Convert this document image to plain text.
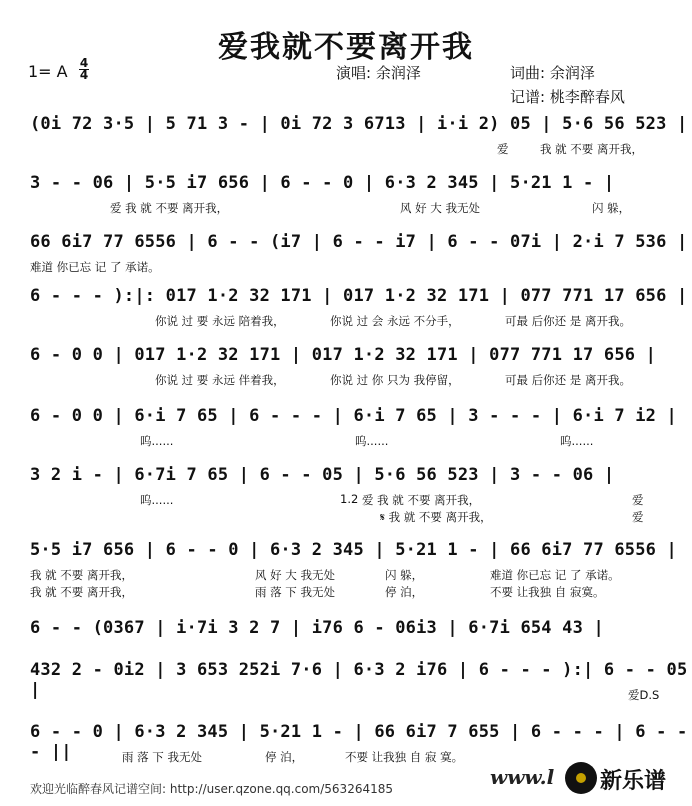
爱我就不要离开我
1= A 4
4	演唱: 余润泽	词曲: 余润泽
记谱: 桃李醉春风
(0i 72 3·5 | 5 71 3 - | 0i 72 3 6713 | i·i 2) 05 | 5·6 56 523 |
爱	我 就 不要 离开我，
3 - - 06 | 5·5 i7 656 | 6 - - 0 | 6·3 2 345 | 5·21 1 - |
爱 我 就 不要 离开我，	风 好 大 我无处	闪 躲，
66 6i7 77 6556 | 6 - - (i7 | 6 - - i7 | 6 - - 07i | 2·i 7 536 |
难道 你已忘 记 了 承诺。
6 - - - ):|: 017 1·2 32 171 | 017 1·2 32 171 | 077 771 17 656 |
你说 过 要 永远 陪着我，	你说 过 会 永远 不分手，	可最 后你还 是 离开我。
6 - 0 0 | 017 1·2 32 171 | 017 1·2 32 171 | 077 771 17 656 |
你说 过 要 永远 伴着我，	你说 过 你 只为 我停留，	可最 后你还 是 离开我。
6 - 0 0 | 6·i 7 65 | 6 - - - | 6·i 7 65 | 3 - - - | 6·i 7 i2 |
呜......	呜......	呜......
3 2 i - | 6·7i 7 65 | 6 - - 05 | 5·6 56 523 | 3 - - 06 |
呜......	1.2 爱 我 就 不要 离开我，	爱
𝄋 我 就 不要 离开我，	爱
5·5 i7 656 | 6 - - 0 | 6·3 2 345 | 5·21 1 - | 66 6i7 77 6556 |
我 就 不要 离开我，	风 好 大 我无处	闪 躲，	难道 你已忘 记 了 承诺。
我 就 不要 离开我，	雨 落 下 我无处	停 泊，	不要 让我独 自 寂寞。
6 - - (0367 | i·7i 3 2 7 | i76 6 - 06i3 | 6·7i 654 43 |
432 2 - 0i2 | 3 653 252i 7·6 | 6·3 2 i76 | 6 - - - ):| 6 - - 05 |	爱D.S
6 - - 0 | 6·3 2 345 | 5·21 1 - | 66 6i7 7 655 | 6 - - - | 6 - - - ||	雨 落 下 我无处	停 泊，	不要 让我独 自 寂 寞。
欢迎光临醉春风记谱空间: http://user.qzone.qq.com/563264185	www.l 新乐谱
